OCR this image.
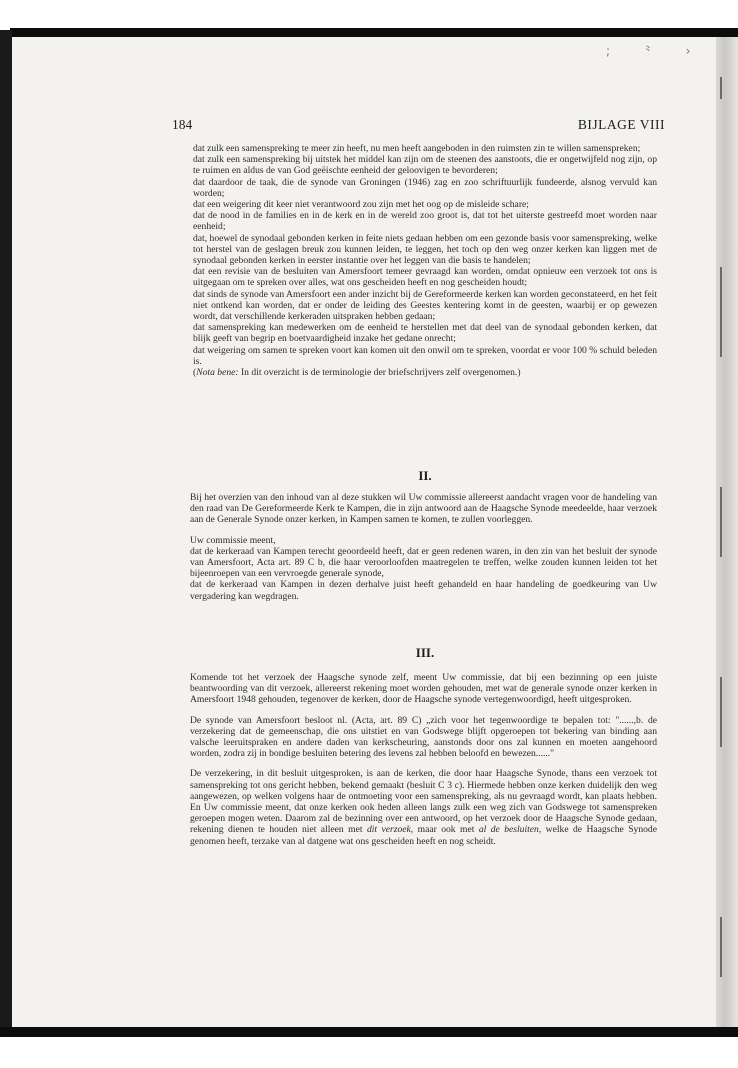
; ⺀ ›
184	BIJLAGE VIII

dat zulk een samenspreking te meer zin heeft, nu men heeft aangeboden in den ruimsten zin te willen samenspreken;

dat zulk een samenspreking bij uitstek het middel kan zijn om de steenen des aanstoots, die er ongetwijfeld nog zijn, op te ruimen en aldus de van God geëischte eenheid der geloovigen te bevorderen;

dat daardoor de taak, die de synode van Groningen (1946) zag en zoo schriftuurlijk fundeerde, alsnog vervuld kan worden;

dat een weigering dit keer niet verantwoord zou zijn met het oog op de misleide schare;

dat de nood in de families en in de kerk en in de wereld zoo groot is, dat tot het uiterste gestreefd moet worden naar eenheid;

dat, hoewel de synodaal gebonden kerken in feite niets gedaan hebben om een gezonde basis voor samenspreking, welke tot herstel van de geslagen breuk zou kunnen leiden, te leggen, het toch op den weg onzer kerken kan liggen met de synodaal gebonden kerken in eerster instantie over het leggen van die basis te handelen;

dat een revisie van de besluiten van Amersfoort temeer gevraagd kan worden, omdat opnieuw een verzoek tot ons is uitgegaan om te spreken over alles, wat ons gescheiden heeft en nog gescheiden houdt;

dat sinds de synode van Amersfoort een ander inzicht bij de Gereformeerde kerken kan worden geconstateerd, en het feit niet ontkend kan worden, dat er onder de leiding des Geestes kentering komt in de geesten, waarbij er op gewezen wordt, dat verschillende kerkeraden uitspraken hebben gedaan;

dat samenspreking kan medewerken om de eenheid te herstellen met dat deel van de synodaal gebonden kerken, dat blijk geeft van begrip en boetvaardigheid inzake het gedane onrecht;

dat weigering om samen te spreken voort kan komen uit den onwil om te spreken, voordat er voor 100 % schuld beleden is.

(Nota bene: In dit overzicht is de terminologie der briefschrijvers zelf overgenomen.)

II.

Bij het overzien van den inhoud van al deze stukken wil Uw commissie allereerst aandacht vragen voor de handeling van den raad van De Gereformeerde Kerk te Kampen, die in zijn antwoord aan de Haagsche Synode meedeelde, haar verzoek aan de Generale Synode onzer kerken, in Kampen samen te komen, te zullen voorleggen.

Uw commissie meent,

dat de kerkeraad van Kampen terecht geoordeeld heeft, dat er geen redenen waren, in den zin van het besluit der synode van Amersfoort, Acta art. 89 C b, die haar veroorloofden maatregelen te treffen, welke zouden kunnen leiden tot het bijeenroepen van een vervroegde generale synode,

dat de kerkeraad van Kampen in dezen derhalve juist heeft gehandeld en haar handeling de goedkeuring van Uw vergadering kan wegdragen.

III.

Komende tot het verzoek der Haagsche synode zelf, meent Uw commissie, dat bij een bezinning op een juiste beantwoording van dit verzoek, allereerst rekening moet worden gehouden, met wat de generale synode onzer kerken in Amersfoort 1948 gehouden, tegenover de kerken, door de Haagsche synode vertegenwoordigd, heeft uitgesproken.

De synode van Amersfoort besloot nl. (Acta, art. 89 C) „zich voor het tegenwoordige te bepalen tot: "......,b. de verzekering dat de gemeenschap, die ons uitstiet en van Godswege blijft opgeroepen tot bekering van binding aan valsche leeruitspraken en andere daden van kerkscheuring, aanstonds door ons zal kunnen en moeten aangehoord worden, zodra zij in bondige besluiten betering des levens zal hebben beloofd en bewezen......"

De verzekering, in dit besluit uitgesproken, is aan de kerken, die door haar Haagsche Synode, thans een verzoek tot samenspreking tot ons gericht hebben, bekend gemaakt (besluit C 3 c). Hiermede hebben onze kerken duidelijk den weg aangewezen, op welken volgens haar de ontmoeting voor een samenspreking, als nu gevraagd wordt, kan plaats hebben. En Uw commissie meent, dat onze kerken ook heden alleen langs zulk een weg zich van Godswege tot samenspreken geroepen mogen weten. Daarom zal de bezinning over een antwoord, op het verzoek door de Haagsche Synode gedaan, rekening dienen te houden niet alleen met dit verzoek, maar ook met al de besluiten, welke de Haagsche Synode genomen heeft, terzake van al datgene wat ons gescheiden heeft en nog scheidt.
